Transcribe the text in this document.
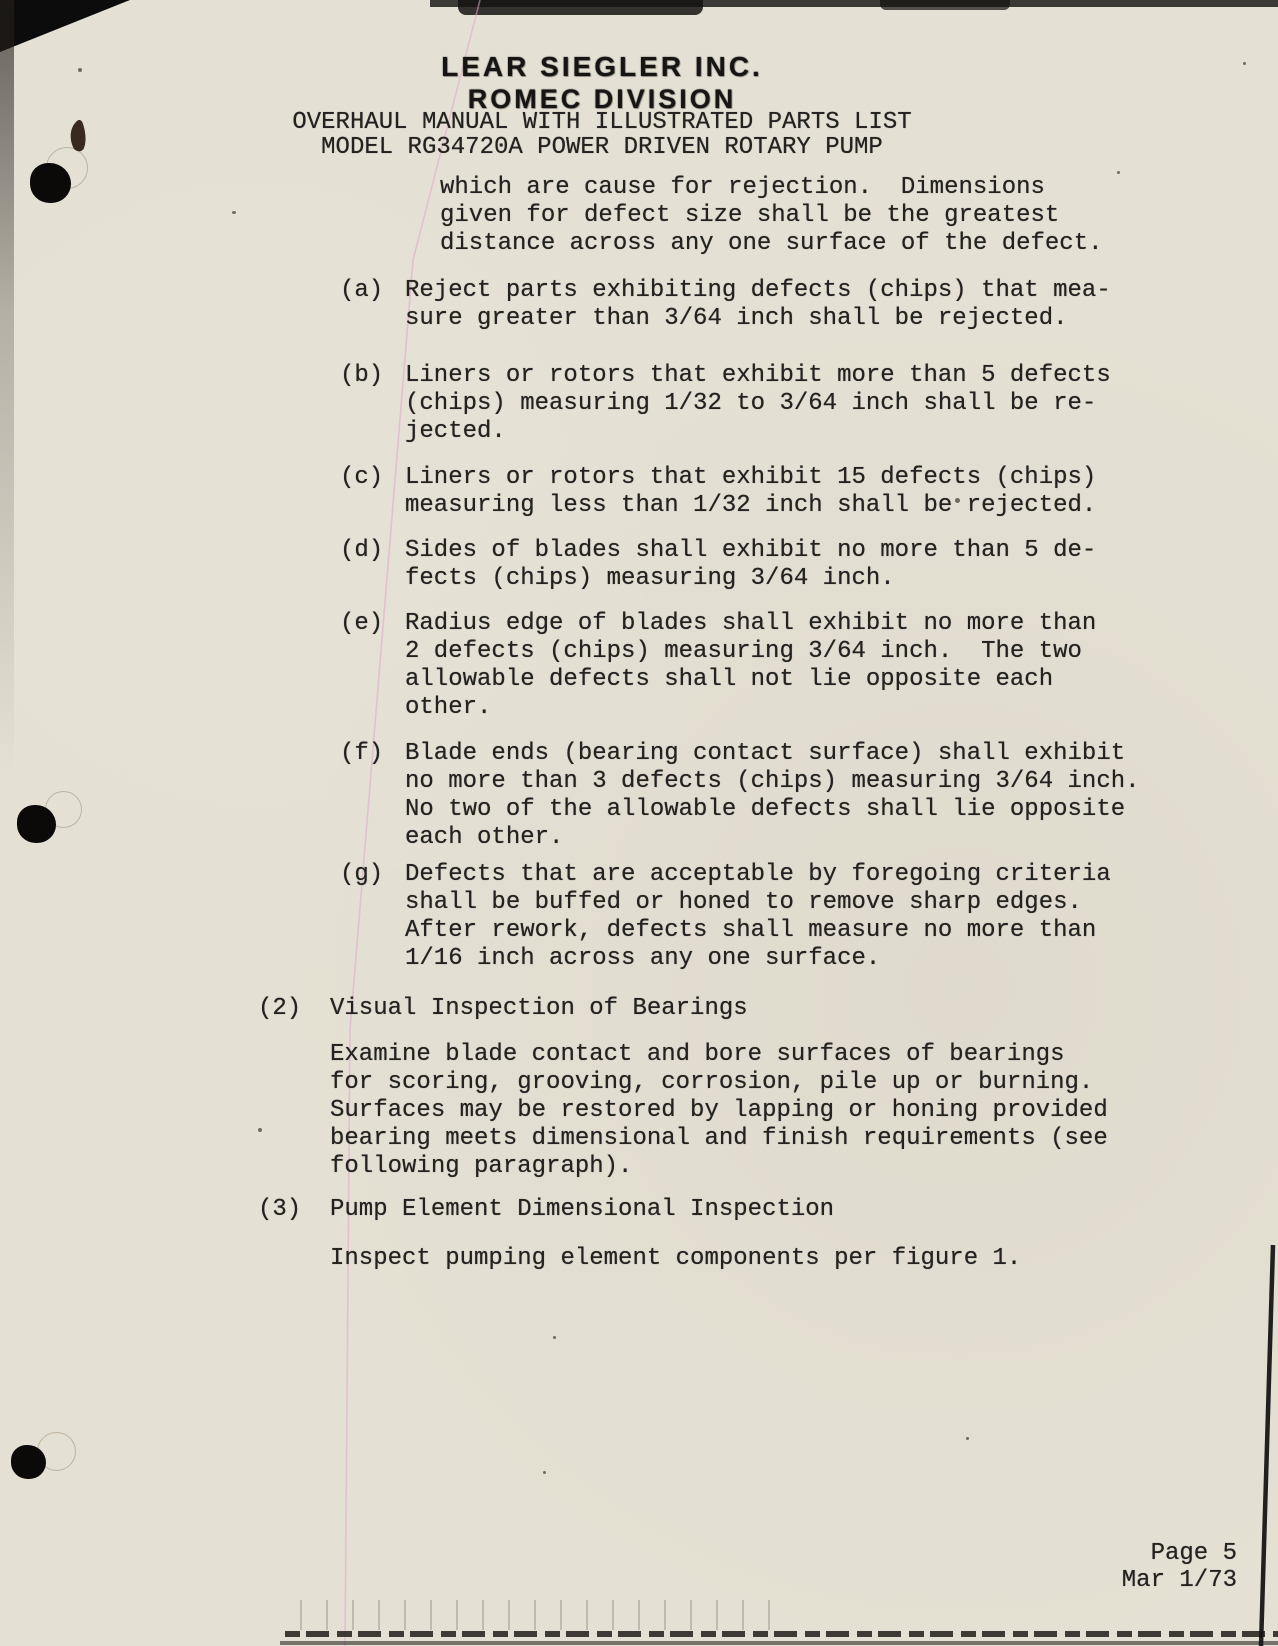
LEAR SIEGLER INC.
ROMEC DIVISION
OVERHAUL MANUAL WITH ILLUSTRATED PARTS LIST
MODEL RG34720A POWER DRIVEN ROTARY PUMP
which are cause for rejection.  Dimensions
given for defect size shall be the greatest
distance across any one surface of the defect.
(a) Reject parts exhibiting defects (chips) that mea-
sure greater than 3/64 inch shall be rejected.
(b) Liners or rotors that exhibit more than 5 defects
(chips) measuring 1/32 to 3/64 inch shall be re-
jected.
(c) Liners or rotors that exhibit 15 defects (chips)
measuring less than 1/32 inch shall be rejected.
(d) Sides of blades shall exhibit no more than 5 de-
fects (chips) measuring 3/64 inch.
(e) Radius edge of blades shall exhibit no more than
2 defects (chips) measuring 3/64 inch.  The two
allowable defects shall not lie opposite each
other.
(f) Blade ends (bearing contact surface) shall exhibit
no more than 3 defects (chips) measuring 3/64 inch.
No two of the allowable defects shall lie opposite
each other.
(g) Defects that are acceptable by foregoing criteria
shall be buffed or honed to remove sharp edges.
After rework, defects shall measure no more than
1/16 inch across any one surface.
(2)	Visual Inspection of Bearings
Examine blade contact and bore surfaces of bearings
for scoring, grooving, corrosion, pile up or burning.
Surfaces may be restored by lapping or honing provided
bearing meets dimensional and finish requirements (see
following paragraph).
(3)	Pump Element Dimensional Inspection
Inspect pumping element components per figure 1.
Page 5
Mar 1/73
